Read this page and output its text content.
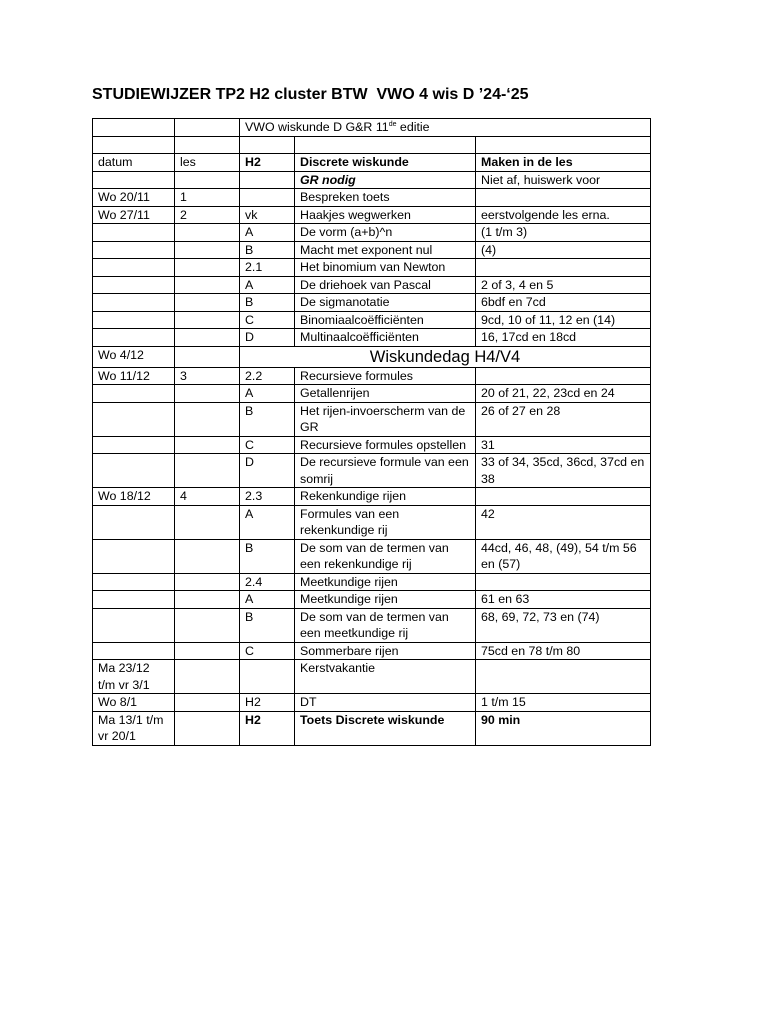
STUDIEWIJZER TP2 H2 cluster BTW  VWO 4 wis D ’24-‘25
		VWO wiskunde D G&R 11de editie		

datum	les	H2	Discrete wiskunde	Maken in de les
			GR nodig	Niet af, huiswerk voor
Wo 20/11	1		Bespreken toets	
Wo 27/11	2	vk	Haakjes wegwerken	eerstvolgende les erna.
		A	De vorm (a+b)^n	(1 t/m 3)
		B	Macht met exponent nul	(4)
		2.1	Het binomium van Newton	
		A	De driehoek van Pascal	2 of 3, 4 en 5
		B	De sigmanotatie	6bdf en 7cd
		C	Binomiaalcoëfficiënten	9cd, 10 of 11, 12 en (14)
		D	Multinaalcoëfficiënten	16, 17cd en 18cd
Wo 4/12		Wiskundedag H4/V4		
Wo 11/12	3	2.2	Recursieve formules	
		A	Getallenrijen	20 of 21, 22, 23cd en 24
		B	Het rijen-invoerscherm van de GR	26 of 27 en 28
		C	Recursieve formules opstellen	31
		D	De recursieve formule van een somrij	33 of 34, 35cd, 36cd, 37cd en 38
Wo 18/12	4	2.3	Rekenkundige rijen	
		A	Formules van een rekenkundige rij	42
		B	De som van de termen van een rekenkundige rij	44cd, 46, 48, (49), 54 t/m 56 en (57)
		2.4	Meetkundige rijen	
		A	Meetkundige rijen	61 en 63
		B	De som van de termen van een meetkundige rij	68, 69, 72, 73 en (74)
		C	Sommerbare rijen	75cd en 78 t/m 80
Ma 23/12 t/m vr 3/1			Kerstvakantie	
Wo 8/1		H2	DT	1 t/m 15
Ma 13/1 t/m vr 20/1		H2	Toets Discrete wiskunde	90 min
